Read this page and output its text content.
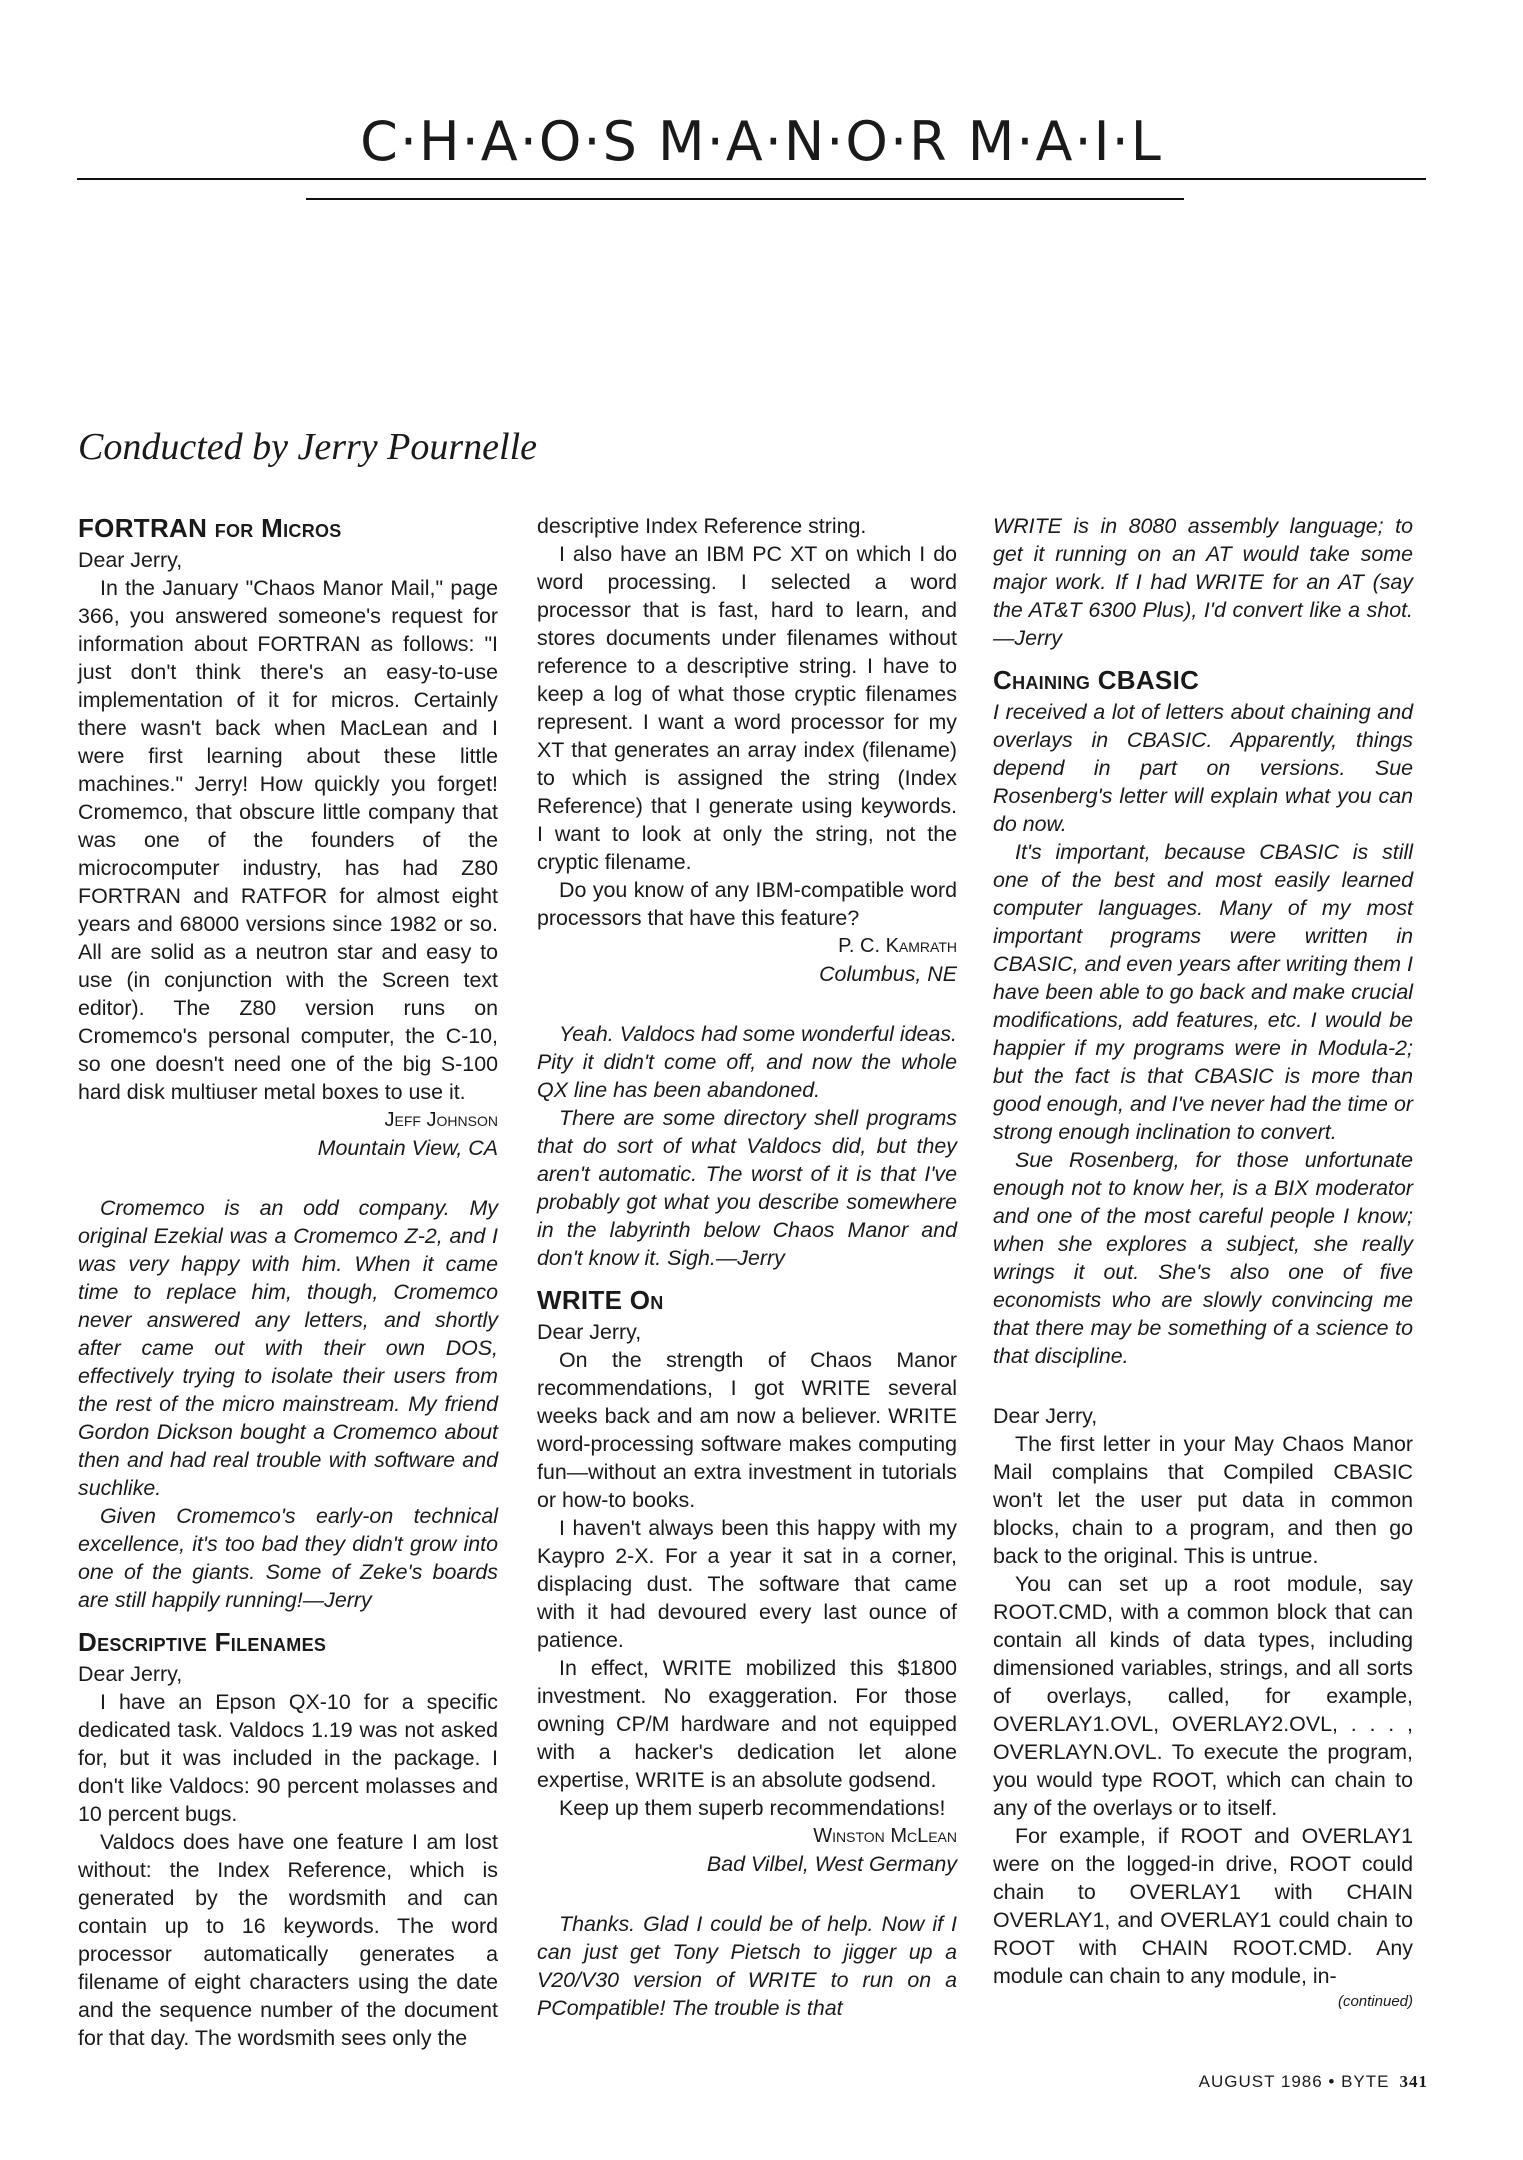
C·H·A·O·S M·A·N·O·R M·A·I·L
Conducted by Jerry Pournelle
FORTRAN for Micros

Dear Jerry,

In the January "Chaos Manor Mail," page 366, you answered someone's request for information about FORTRAN as follows: "I just don't think there's an easy-to-use implementation of it for micros. Certainly there wasn't back when MacLean and I were first learning about these little machines." Jerry! How quickly you forget! Cromemco, that obscure little company that was one of the founders of the microcomputer industry, has had Z80 FORTRAN and RATFOR for almost eight years and 68000 versions since 1982 or so. All are solid as a neutron star and easy to use (in conjunction with the Screen text editor). The Z80 version runs on Cromemco's personal computer, the C-10, so one doesn't need one of the big S-100 hard disk multiuser metal boxes to use it.

Jeff Johnson
Mountain View, CA

Cromemco is an odd company. My original Ezekial was a Cromemco Z-2, and I was very happy with him. When it came time to replace him, though, Cromemco never answered any letters, and shortly after came out with their own DOS, effectively trying to isolate their users from the rest of the micro mainstream. My friend Gordon Dickson bought a Cromemco about then and had real trouble with software and suchlike.

Given Cromemco's early-on technical excellence, it's too bad they didn't grow into one of the giants. Some of Zeke's boards are still happily running!—Jerry

Descriptive Filenames

Dear Jerry,

I have an Epson QX-10 for a specific dedicated task. Valdocs 1.19 was not asked for, but it was included in the package. I don't like Valdocs: 90 percent molasses and 10 percent bugs.

Valdocs does have one feature I am lost without: the Index Reference, which is generated by the wordsmith and can contain up to 16 keywords. The word processor automatically generates a filename of eight characters using the date and the sequence number of the document for that day. The wordsmith sees only the

descriptive Index Reference string.

I also have an IBM PC XT on which I do word processing. I selected a word processor that is fast, hard to learn, and stores documents under filenames without reference to a descriptive string. I have to keep a log of what those cryptic filenames represent. I want a word processor for my XT that generates an array index (filename) to which is assigned the string (Index Reference) that I generate using keywords. I want to look at only the string, not the cryptic filename.

Do you know of any IBM-compatible word processors that have this feature?

P. C. Kamrath
Columbus, NE

Yeah. Valdocs had some wonderful ideas. Pity it didn't come off, and now the whole QX line has been abandoned.

There are some directory shell programs that do sort of what Valdocs did, but they aren't automatic. The worst of it is that I've probably got what you describe somewhere in the labyrinth below Chaos Manor and don't know it. Sigh.—Jerry

WRITE On

Dear Jerry,

On the strength of Chaos Manor recommendations, I got WRITE several weeks back and am now a believer. WRITE word-processing software makes computing fun—without an extra investment in tutorials or how-to books.

I haven't always been this happy with my Kaypro 2-X. For a year it sat in a corner, displacing dust. The software that came with it had devoured every last ounce of patience.

In effect, WRITE mobilized this $1800 investment. No exaggeration. For those owning CP/M hardware and not equipped with a hacker's dedication let alone expertise, WRITE is an absolute godsend.

Keep up them superb recommendations!

Winston McLean
Bad Vilbel, West Germany

Thanks. Glad I could be of help. Now if I can just get Tony Pietsch to jigger up a V20/V30 version of WRITE to run on a PCompatible! The trouble is that

WRITE is in 8080 assembly language; to get it running on an AT would take some major work. If I had WRITE for an AT (say the AT&T 6300 Plus), I'd convert like a shot.—Jerry

Chaining CBASIC

I received a lot of letters about chaining and overlays in CBASIC. Apparently, things depend in part on versions. Sue Rosenberg's letter will explain what you can do now.

It's important, because CBASIC is still one of the best and most easily learned computer languages. Many of my most important programs were written in CBASIC, and even years after writing them I have been able to go back and make crucial modifications, add features, etc. I would be happier if my programs were in Modula-2; but the fact is that CBASIC is more than good enough, and I've never had the time or strong enough inclination to convert.

Sue Rosenberg, for those unfortunate enough not to know her, is a BIX moderator and one of the most careful people I know; when she explores a subject, she really wrings it out. She's also one of five economists who are slowly convincing me that there may be something of a science to that discipline.

Dear Jerry,

The first letter in your May Chaos Manor Mail complains that Compiled CBASIC won't let the user put data in common blocks, chain to a program, and then go back to the original. This is untrue.

You can set up a root module, say ROOT.CMD, with a common block that can contain all kinds of data types, including dimensioned variables, strings, and all sorts of overlays, called, for example, OVERLAY1.OVL, OVERLAY2.OVL, . . . , OVERLAYN.OVL. To execute the program, you would type ROOT, which can chain to any of the overlays or to itself.

For example, if ROOT and OVERLAY1 were on the logged-in drive, ROOT could chain to OVERLAY1 with CHAIN OVERLAY1, and OVERLAY1 could chain to ROOT with CHAIN ROOT.CMD. Any module can chain to any module, in-

(continued)
AUGUST 1986 • BYTE 341
